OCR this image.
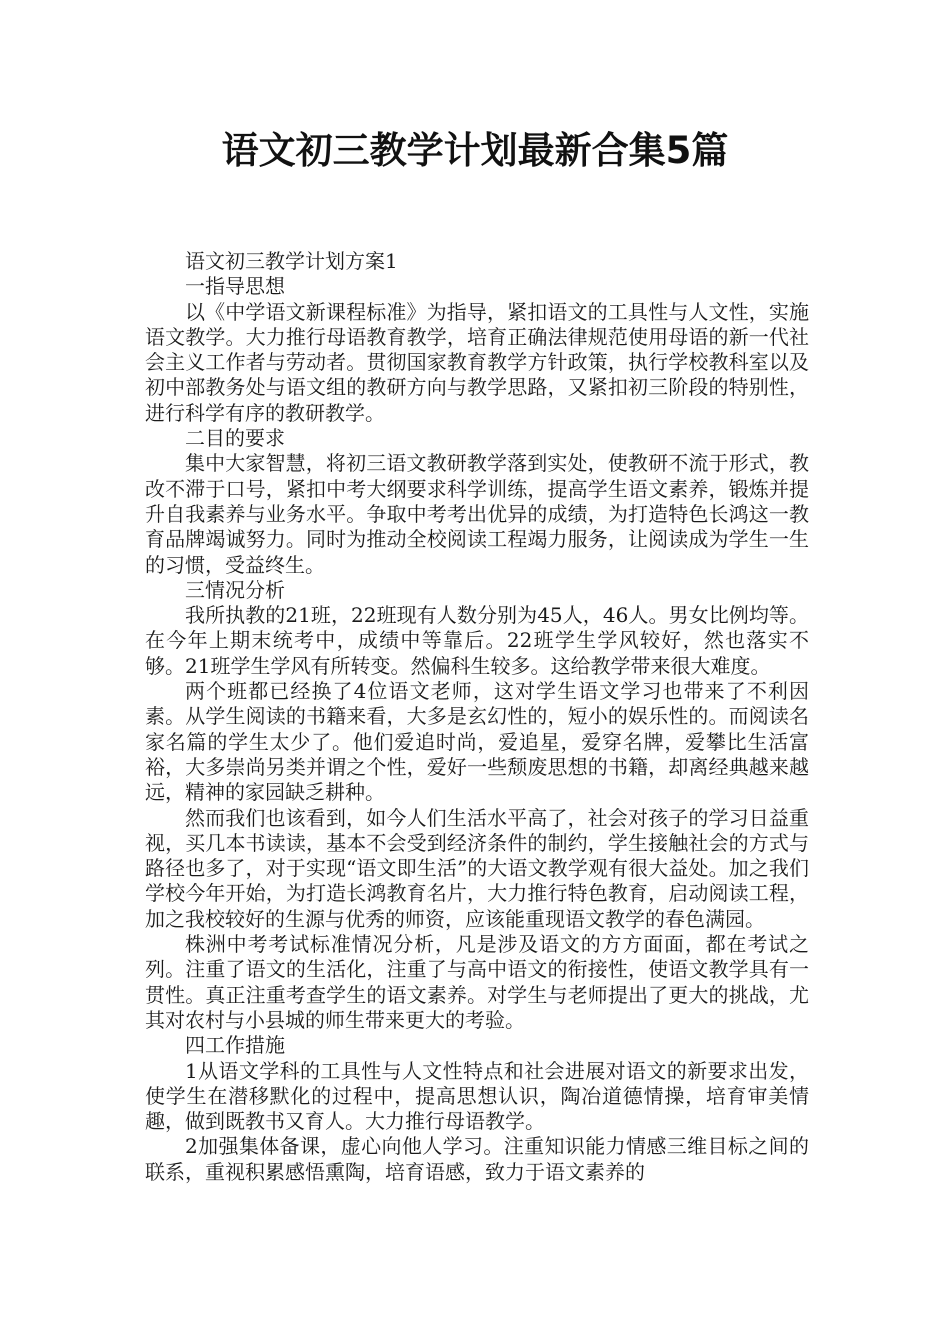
语文初三教学计划最新合集5篇

语文初三教学计划方案1

一指导思想

以《中学语文新课程标准》为指导，紧扣语文的工具性与人文性，实施语文教学。大力推行母语教育教学，培育正确法律规范使用母语的新一代社会主义工作者与劳动者。贯彻国家教育教学方针政策，执行学校教科室以及初中部教务处与语文组的教研方向与教学思路，又紧扣初三阶段的特别性，进行科学有序的教研教学。

二目的要求

集中大家智慧，将初三语文教研教学落到实处，使教研不流于形式，教改不滞于口号，紧扣中考大纲要求科学训练，提高学生语文素养，锻炼并提升自我素养与业务水平。争取中考考出优异的成绩，为打造特色长鸿这一教育品牌竭诚努力。同时为推动全校阅读工程竭力服务，让阅读成为学生一生的习惯，受益终生。

三情况分析

我所执教的21班，22班现有人数分别为45人，46人。男女比例均等。在今年上期末统考中，成绩中等靠后。22班学生学风较好，然也落实不够。21班学生学风有所转变。然偏科生较多。这给教学带来很大难度。

两个班都已经换了4位语文老师，这对学生语文学习也带来了不利因素。从学生阅读的书籍来看，大多是玄幻性的，短小的娱乐性的。而阅读名家名篇的学生太少了。他们爱追时尚，爱追星，爱穿名牌，爱攀比生活富裕，大多崇尚另类并谓之个性，爱好一些颓废思想的书籍，却离经典越来越远，精神的家园缺乏耕种。

然而我们也该看到，如今人们生活水平高了，社会对孩子的学习日益重视，买几本书读读，基本不会受到经济条件的制约，学生接触社会的方式与路径也多了，对于实现“语文即生活”的大语文教学观有很大益处。加之我们学校今年开始，为打造长鸿教育名片，大力推行特色教育，启动阅读工程，加之我校较好的生源与优秀的师资，应该能重现语文教学的春色满园。

株洲中考考试标准情况分析，凡是涉及语文的方方面面，都在考试之列。注重了语文的生活化，注重了与高中语文的衔接性，使语文教学具有一贯性。真正注重考查学生的语文素养。对学生与老师提出了更大的挑战，尤其对农村与小县城的师生带来更大的考验。

四工作措施

1从语文学科的工具性与人文性特点和社会进展对语文的新要求出发，使学生在潜移默化的过程中，提高思想认识，陶冶道德情操，培育审美情趣，做到既教书又育人。大力推行母语教学。

2加强集体备课，虚心向他人学习。注重知识能力情感三维目标之间的联系，重视积累感悟熏陶，培育语感，致力于语文素养的
